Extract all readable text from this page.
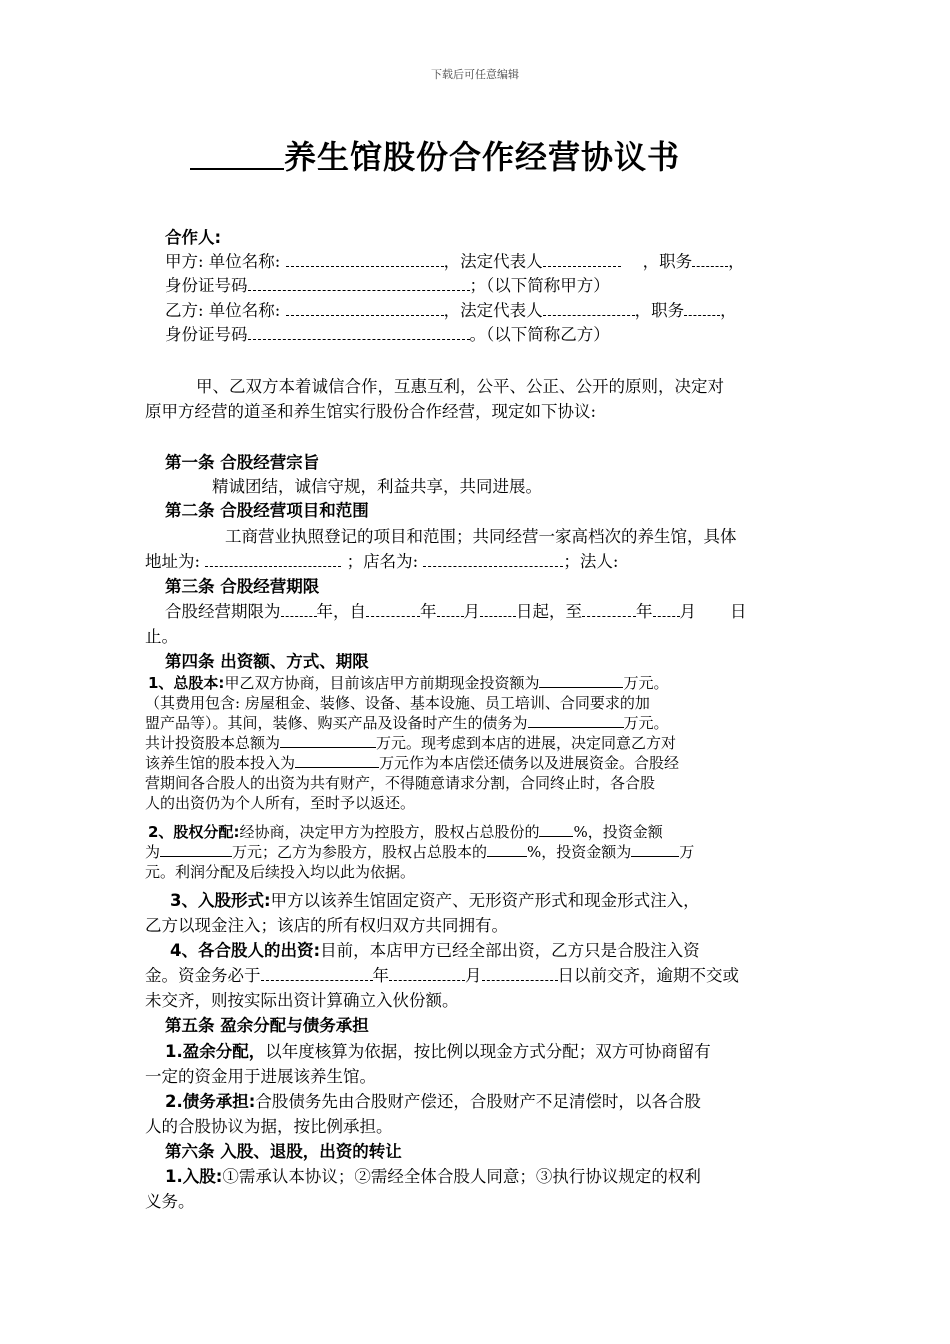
下载后可任意编辑
养生馆股份合作经营协议书
合作人:
甲方: 单位名称:	，法定代表人	，职务 ，
身份证号码	；（以下简称甲方）
乙方: 单位名称:	，法定代表人	，职务 ，
身份证号码	。（以下简称乙方）
甲、乙双方本着诚信合作，互惠互利，公平、公正、公开的原则，决定对
原甲方经营的道圣和养生馆实行股份合作经营，现定如下协议:
第一条 合股经营宗旨
精诚团结，诚信守规，利益共享，共同进展。
第二条 合股经营项目和范围
工商营业执照登记的项目和范围；共同经营一家高档次的养生馆，具体
地址为:	；店名为:	；法人:
第三条 合股经营期限
合股经营期限为 年，自	年 月 日起，至	年 月 日
止。
第四条 出资额、方式、期限
1、总股本:甲乙双方协商，目前该店甲方前期现金投资额为	万元。
（其费用包含: 房屋租金、装修、设备、基本设施、员工培训、合同要求的加
盟产品等）。其间，装修、购买产品及设备时产生的债务为	万元。
共计投资股本总额为	万元。现考虑到本店的进展，决定同意乙方对
该养生馆的股本投入为	万元作为本店偿还债务以及进展资金。合股经
营期间各合股人的出资为共有财产，不得随意请求分割，合同终止时，各合股
人的出资仍为个人所有，至时予以返还。
2、股权分配:经协商，决定甲方为控股方，股权占总股份的 %，投资金额
为	万元；乙方为参股方，股权占总股本的	%，投资金额为	万
元。利润分配及后续投入均以此为依据。
3、入股形式:甲方以该养生馆固定资产、无形资产形式和现金形式注入，
乙方以现金注入；该店的所有权归双方共同拥有。
4、各合股人的出资:目前，本店甲方已经全部出资，乙方只是合股注入资
金。资金务必于	年	月	日以前交齐，逾期不交或
未交齐，则按实际出资计算确立入伙份额。
第五条 盈余分配与债务承担
1.盈余分配，以年度核算为依据，按比例以现金方式分配；双方可协商留有
一定的资金用于进展该养生馆。
2.债务承担:合股债务先由合股财产偿还，合股财产不足清偿时，以各合股
人的合股协议为据，按比例承担。
第六条 入股、退股，出资的转让
1.入股:①需承认本协议；②需经全体合股人同意；③执行协议规定的权利
义务。
